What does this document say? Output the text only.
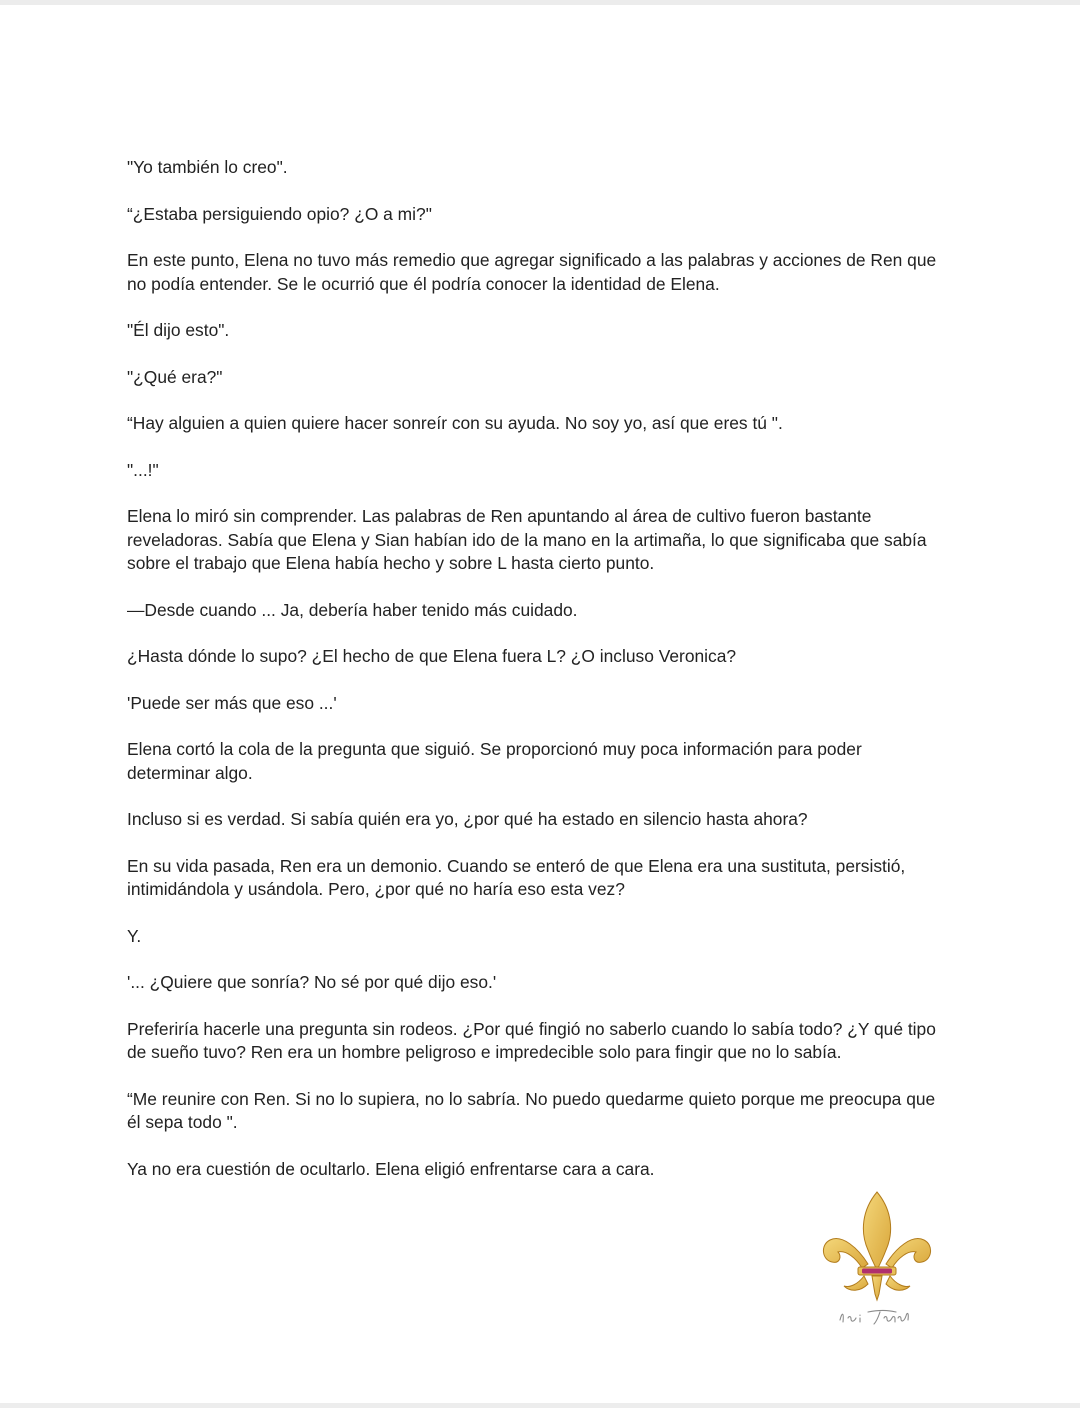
"Yo también lo creo".

“¿Estaba persiguiendo opio? ¿O a mi?"

En este punto, Elena no tuvo más remedio que agregar significado a las palabras y acciones de Ren que
no podía entender. Se le ocurrió que él podría conocer la identidad de Elena.

"Él dijo esto".

"¿Qué era?"

“Hay alguien a quien quiere hacer sonreír con su ayuda. No soy yo, así que eres tú ".

"...!"

Elena lo miró sin comprender. Las palabras de Ren apuntando al área de cultivo fueron bastante
reveladoras. Sabía que Elena y Sian habían ido de la mano en la artimaña, lo que significaba que sabía
sobre el trabajo que Elena había hecho y sobre L hasta cierto punto.

—Desde cuando ... Ja, debería haber tenido más cuidado.

¿Hasta dónde lo supo? ¿El hecho de que Elena fuera L? ¿O incluso Veronica?

'Puede ser más que eso ...'

Elena cortó la cola de la pregunta que siguió. Se proporcionó muy poca información para poder
determinar algo.

Incluso si es verdad. Si sabía quién era yo, ¿por qué ha estado en silencio hasta ahora?

En su vida pasada, Ren era un demonio. Cuando se enteró de que Elena era una sustituta, persistió,
intimidándola y usándola. Pero, ¿por qué no haría eso esta vez?

Y.

'... ¿Quiere que sonría? No sé por qué dijo eso.'

Preferiría hacerle una pregunta sin rodeos. ¿Por qué fingió no saberlo cuando lo sabía todo? ¿Y qué tipo
de sueño tuvo? Ren era un hombre peligroso e impredecible solo para fingir que no lo sabía.

“Me reunire con Ren. Si no lo supiera, no lo sabría. No puedo quedarme quieto porque me preocupa que
él sepa todo ".

Ya no era cuestión de ocultarlo. Elena eligió enfrentarse cara a cara.
